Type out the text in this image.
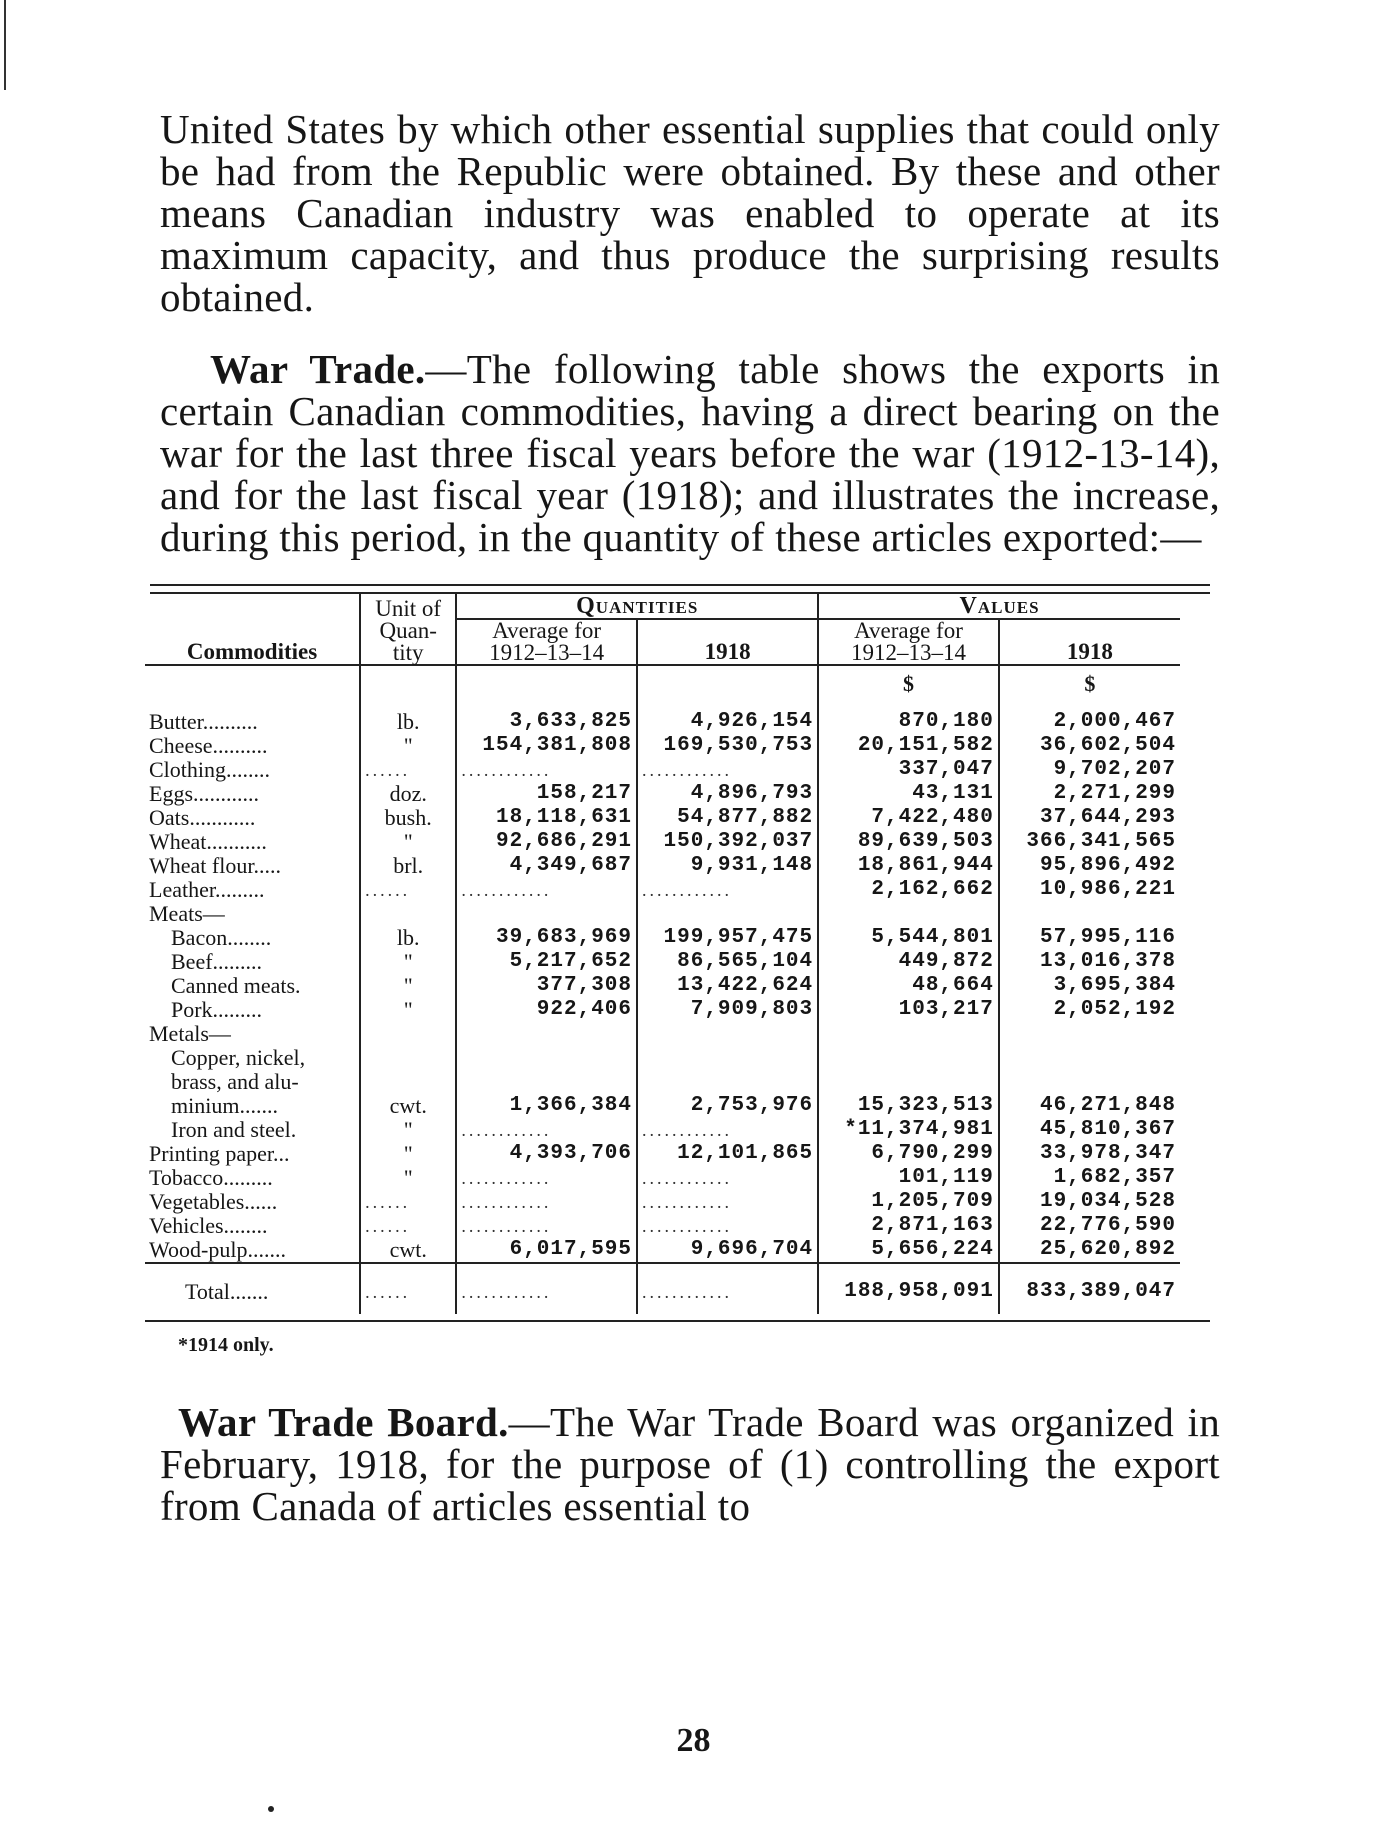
United States by which other essential supplies that could only be had from the Republic were obtained. By these and other means Canadian industry was enabled to operate at its maximum capacity, and thus produce the surprising results obtained.

War Trade.—The following table shows the exports in certain Canadian commodities, having a direct bearing on the war for the last three fiscal years before the war (1912-13-14), and for the last fiscal year (1918); and illustrates the increase, during this period, in the quantity of these articles exported:—

Commodities	Unit of Quan-tity	Quantities		Values	
		Average for 1912–13–14	1918	Average for 1912–13–14	1918
				$	$
Butter..........	lb.	3,633,825	4,926,154	870,180	2,000,467
Cheese..........	"	154,381,808	169,530,753	20,151,582	36,602,504
Clothing........	......	............	............	337,047	9,702,207
Eggs............	doz.	158,217	4,896,793	43,131	2,271,299
Oats............	bush.	18,118,631	54,877,882	7,422,480	37,644,293
Wheat...........	"	92,686,291	150,392,037	89,639,503	366,341,565
Wheat flour.....	brl.	4,349,687	9,931,148	18,861,944	95,896,492
Leather.........	......	............	............	2,162,662	10,986,221
Meats—					
Bacon........	lb.	39,683,969	199,957,475	5,544,801	57,995,116
Beef.........	"	5,217,652	86,565,104	449,872	13,016,378
Canned meats.	"	377,308	13,422,624	48,664	3,695,384
Pork.........	"	922,406	7,909,803	103,217	2,052,192
Metals—					
Copper, nickel,					
brass, and alu-					
minium.......	cwt.	1,366,384	2,753,976	15,323,513	46,271,848
Iron and steel.	"	............	............	*11,374,981	45,810,367
Printing paper...	"	4,393,706	12,101,865	6,790,299	33,978,347
Tobacco.........	"	............	............	101,119	1,682,357
Vegetables......	......	............	............	1,205,709	19,034,528
Vehicles........	......	............	............	2,871,163	22,776,590
Wood-pulp.......	cwt.	6,017,595	9,696,704	5,656,224	25,620,892
Total.......	......	............	............	188,958,091	833,389,047
*1914 only.

War Trade Board.—The War Trade Board was organized in February, 1918, for the purpose of (1) controlling the export from Canada of articles essential to

28
